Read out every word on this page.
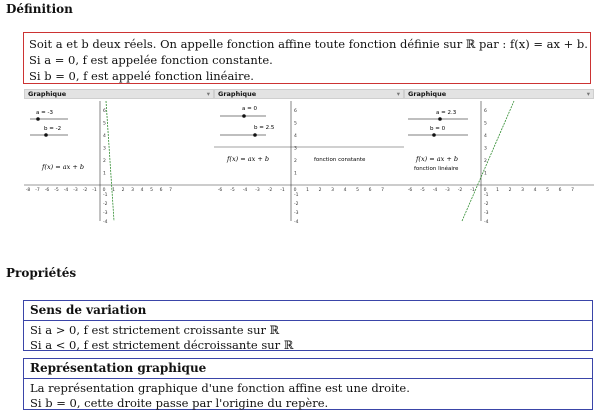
Définition

Soit a et b deux réels. On appelle fonction affine toute fonction définie sur ℝ par : f(x) = ax + b.

Si a = 0, f est appelée fonction constante.

Si b = 0, f est appelé fonction linéaire.

Graphique	▾
-8 -7 -6 -5 -4 -3 -2 -1 0 1 2 3 4 5 6 7
6
5
4
3
2
1
-1
-2
-3
-4
a = -3
b = -2
f(x) = ax + b
Graphique	▾
-6 -5 -4 -3 -2 -1 0 1 2 3 4 5 6 7
6
5
4
3
2
1
-1
-2
-3
-4
a = 0
b = 2.5
f(x) = ax + b	fonction constante
Graphique	▾
-6 -5 -4 -3 -2 -1 0 1 2 3 4 5 6 7
6
5
4
3
2
1
-1
-2
-3
-4
a = 2.3
b = 0
f(x) = ax + b
fonction linéaire
Propriétés
Sens de variation

Si a > 0, f est strictement croissante sur ℝ

Si a < 0, f est strictement décroissante sur ℝ

Représentation graphique

La représentation graphique d'une fonction affine est une droite.

Si b = 0, cette droite passe par l'origine du repère.
